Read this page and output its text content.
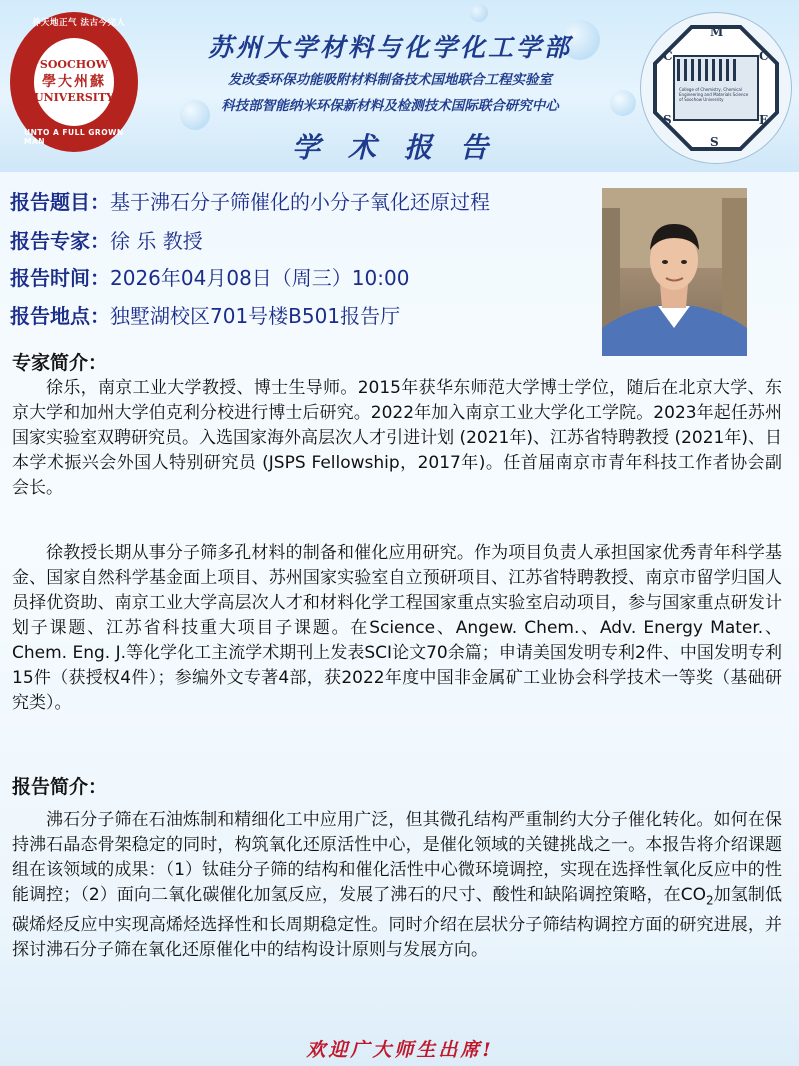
SOOCHOW
學大州蘇
UNIVERSITY
养天地正气 法古今完人
UNTO A FULL GROWN MAN
苏州大学材料与化学化工学部
发改委环保功能吸附材料制备技术国地联合工程实验室
科技部智能纳米环保新材料及检测技术国际联合研究中心
学术报告
College of Chemistry, Chemical Engineering and Materials Science of Soochow University
M
C	C
E
S
S
报告题目：基于沸石分子筛催化的小分子氧化还原过程
报告专家：徐 乐 教授
报告时间：2026年04月08日（周三）10:00
报告地点：独墅湖校区701号楼B501报告厅
专家简介：

徐乐，南京工业大学教授、博士生导师。2015年获华东师范大学博士学位，随后在北京大学、东京大学和加州大学伯克利分校进行博士后研究。2022年加入南京工业大学化工学院。2023年起任苏州国家实验室双聘研究员。入选国家海外高层次人才引进计划 (2021年)、江苏省特聘教授 (2021年)、日本学术振兴会外国人特别研究员 (JSPS Fellowship，2017年)。任首届南京市青年科技工作者协会副会长。

徐教授长期从事分子筛多孔材料的制备和催化应用研究。作为项目负责人承担国家优秀青年科学基金、国家自然科学基金面上项目、苏州国家实验室自立预研项目、江苏省特聘教授、南京市留学归国人员择优资助、南京工业大学高层次人才和材料化学工程国家重点实验室启动项目，参与国家重点研发计划子课题、江苏省科技重大项目子课题。在Science、Angew. Chem.、Adv. Energy Mater.、Chem. Eng. J.等化学化工主流学术期刊上发表SCI论文70余篇；申请美国发明专利2件、中国发明专利15件（获授权4件）；参编外文专著4部，获2022年度中国非金属矿工业协会科学技术一等奖（基础研究类）。

报告简介：

沸石分子筛在石油炼制和精细化工中应用广泛，但其微孔结构严重制约大分子催化转化。如何在保持沸石晶态骨架稳定的同时，构筑氧化还原活性中心，是催化领域的关键挑战之一。本报告将介绍课题组在该领域的成果：（1）钛硅分子筛的结构和催化活性中心微环境调控，实现在选择性氧化反应中的性能调控；（2）面向二氧化碳催化加氢反应，发展了沸石的尺寸、酸性和缺陷调控策略，在$CO_2$加氢制低碳烯烃反应中实现高烯烃选择性和长周期稳定性。同时介绍在层状分子筛结构调控方面的研究进展，并探讨沸石分子筛在氧化还原催化中的结构设计原则与发展方向。

欢迎广大师生出席!
